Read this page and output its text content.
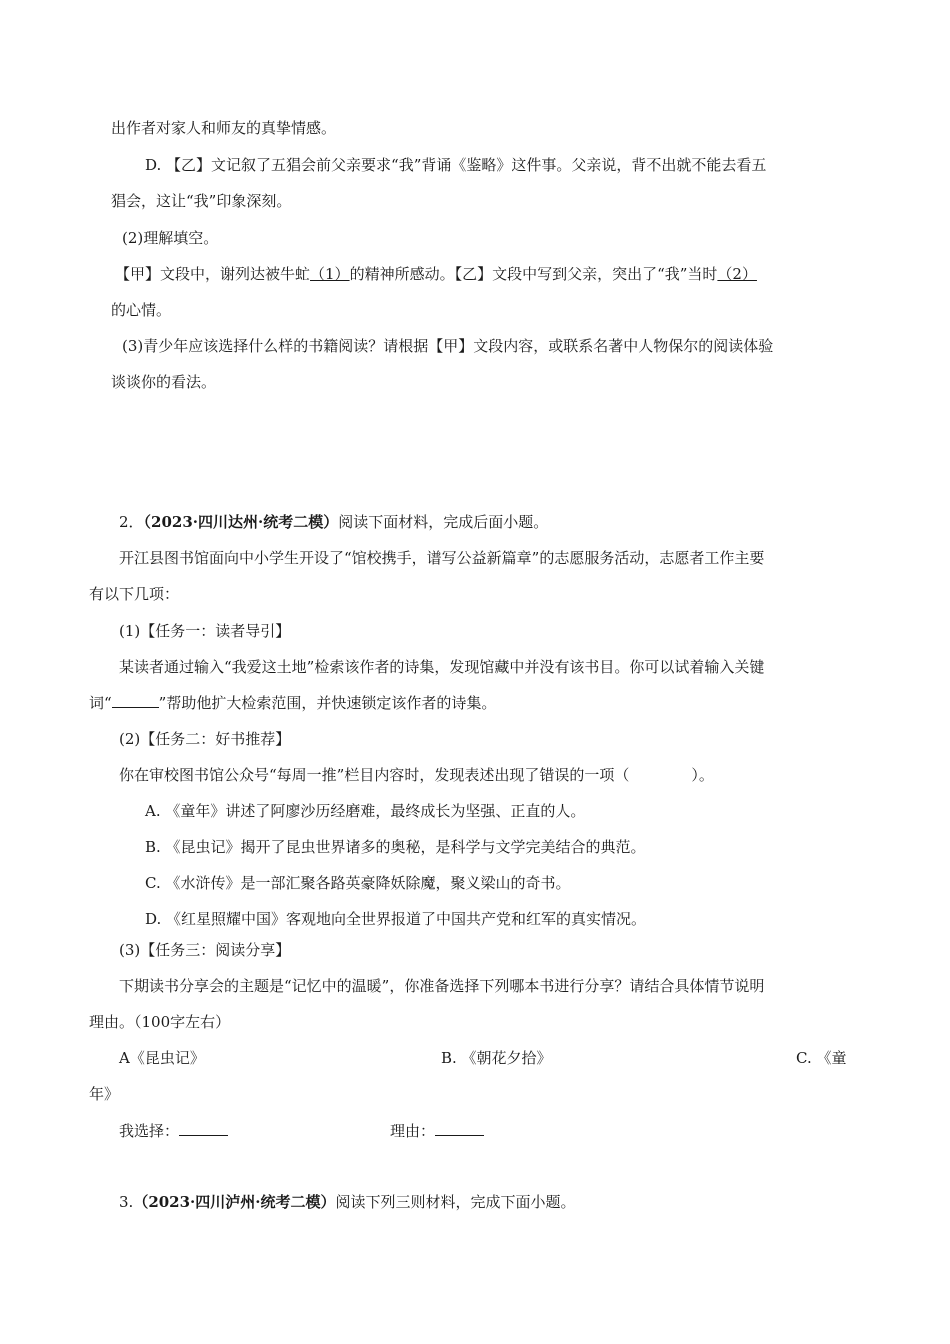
出作者对家人和师友的真挚情感。
D. 【乙】文记叙了五猖会前父亲要求“我”背诵《鉴略》这件事。父亲说，背不出就不能去看五
猖会，这让“我”印象深刻。
(2)理解填空。
【甲】文段中，谢列达被牛虻（1）的精神所感动。【乙】文段中写到父亲，突出了“我”当时（2）
的心情。
(3)青少年应该选择什么样的书籍阅读？请根据【甲】文段内容，或联系名著中人物保尔的阅读体验
谈谈你的看法。
2．（2023·四川达州·统考二模）阅读下面材料，完成后面小题。
开江县图书馆面向中小学生开设了“馆校携手，谱写公益新篇章”的志愿服务活动，志愿者工作主要
有以下几项：
(1)【任务一：读者导引】
某读者通过输入“我爱这土地”检索该作者的诗集，发现馆藏中并没有该书目。你可以试着输入关键
词“	”帮助他扩大检索范围，并快速锁定该作者的诗集。
(2)【任务二：好书推荐】
你在审校图书馆公众号“每周一推”栏目内容时，发现表述出现了错误的一项（	）。
A. 《童年》讲述了阿廖沙历经磨难，最终成长为坚强、正直的人。
B. 《昆虫记》揭开了昆虫世界诸多的奥秘，是科学与文学完美结合的典范。
C. 《水浒传》是一部汇聚各路英豪降妖除魔，聚义梁山的奇书。
D. 《红星照耀中国》客观地向全世界报道了中国共产党和红军的真实情况。
(3)【任务三：阅读分享】
下期读书分享会的主题是“记忆中的温暖”，你准备选择下列哪本书进行分享？请结合具体情节说明
理由。（100字左右）
A《昆虫记》	B. 《朝花夕拾》	C. 《童
年》
我选择：	理由：
3.（2023·四川泸州·统考二模）阅读下列三则材料，完成下面小题。
